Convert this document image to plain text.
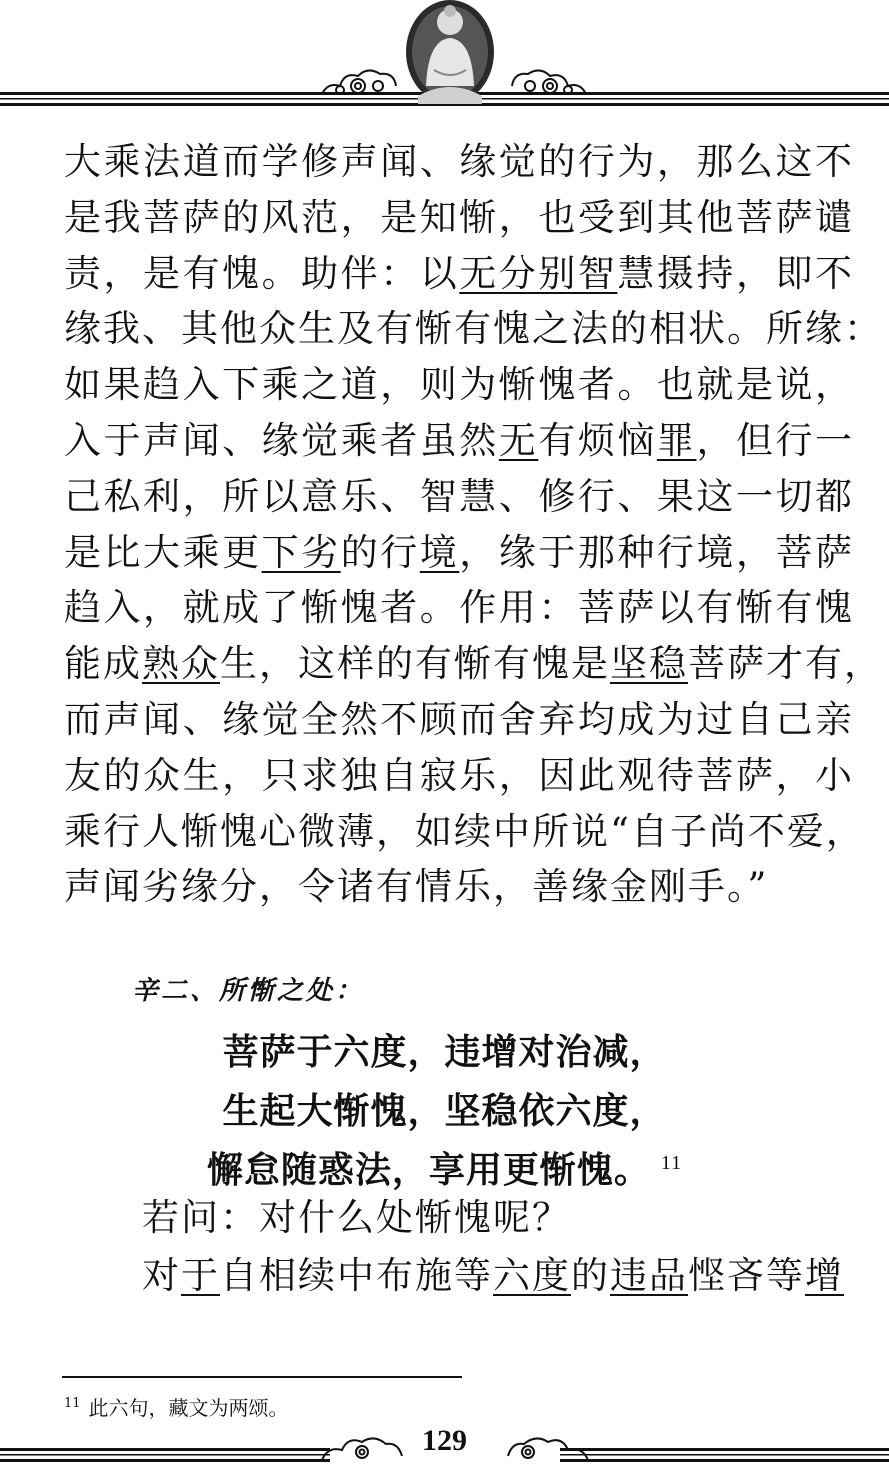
大乘法道而学修声闻、缘觉的行为，那么这不
是我菩萨的风范，是知惭，也受到其他菩萨谴
责，是有愧。助伴：以无分别智慧摄持，即不
缘我、其他众生及有惭有愧之法的相状。所缘：
如果趋入下乘之道，则为惭愧者。也就是说，
入于声闻、缘觉乘者虽然无有烦恼罪，但行一
己私利，所以意乐、智慧、修行、果这一切都
是比大乘更下劣的行境，缘于那种行境，菩萨
趋入，就成了惭愧者。作用：菩萨以有惭有愧
能成熟众生，这样的有惭有愧是坚稳菩萨才有，
而声闻、缘觉全然不顾而舍弃均成为过自己亲
友的众生，只求独自寂乐，因此观待菩萨，小
乘行人惭愧心微薄，如续中所说“自子尚不爱，
声闻劣缘分，令诸有情乐，善缘金刚手。”
辛二、所惭之处：
菩萨于六度，违增对治减，
生起大惭愧，坚稳依六度，
懈怠随惑法，享用更惭愧。 $^{11}$
若问：对什么处惭愧呢？
对于自相续中布施等六度的违品悭吝等增
$^{11}$ 此六句，藏文为两颂。
129
